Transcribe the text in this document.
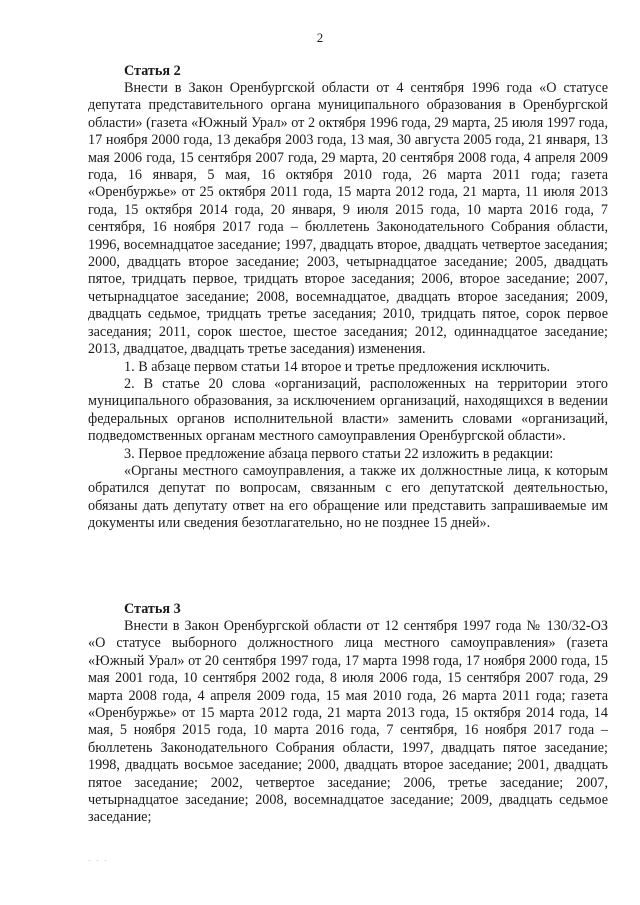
2
Статья 2

Внести в Закон Оренбургской области от 4 сентября 1996 года «О статусе депутата представительного органа муниципального образования в Оренбургской области» (газета «Южный Урал» от 2 октября 1996 года, 29 марта, 25 июля 1997 года, 17 ноября 2000 года, 13 декабря 2003 года, 13 мая, 30 августа 2005 года, 21 января, 13 мая 2006 года, 15 сентября 2007 года, 29 марта, 20 сентября 2008 года, 4 апреля 2009 года, 16 января, 5 мая, 16 октября 2010 года, 26 марта 2011 года; газета «Оренбуржье» от 25 октября 2011 года, 15 марта 2012 года, 21 марта, 11 июля 2013 года, 15 октября 2014 года, 20 января, 9 июля 2015 года, 10 марта 2016 года, 7 сентября, 16 ноября 2017 года – бюллетень Законодательного Собрания области, 1996, восемнадцатое заседание; 1997, двадцать второе, двадцать четвертое заседания; 2000, двадцать второе заседание; 2003, четырнадцатое заседание; 2005, двадцать пятое, тридцать первое, тридцать второе заседания; 2006, второе заседание; 2007, четырнадцатое заседание; 2008, восемнадцатое, двадцать второе заседания; 2009, двадцать седьмое, тридцать третье заседания; 2010, тридцать пятое, сорок первое заседания; 2011, сорок шестое, шестое заседания; 2012, одиннадцатое заседание; 2013, двадцатое, двадцать третье заседания) изменения.

1. В абзаце первом статьи 14 второе и третье предложения исключить.

2. В статье 20 слова «организаций, расположенных на территории этого муниципального образования, за исключением организаций, находящихся в ведении федеральных органов исполнительной власти» заменить словами «организаций, подведомственных органам местного самоуправления Оренбургской области».

3. Первое предложение абзаца первого статьи 22 изложить в редакции:

«Органы местного самоуправления, а также их должностные лица, к которым обратился депутат по вопросам, связанным с его депутатской деятельностью, обязаны дать депутату ответ на его обращение или представить запрашиваемые им документы или сведения безотлагательно, но не позднее 15 дней».

Статья 3

Внести в Закон Оренбургской области от 12 сентября 1997 года № 130/32-ОЗ «О статусе выборного должностного лица местного самоуправления» (газета «Южный Урал» от 20 сентября 1997 года, 17 марта 1998 года, 17 ноября 2000 года, 15 мая 2001 года, 10 сентября 2002 года, 8 июля 2006 года, 15 сентября 2007 года, 29 марта 2008 года, 4 апреля 2009 года, 15 мая 2010 года, 26 марта 2011 года; газета «Оренбуржье» от 15 марта 2012 года, 21 марта 2013 года, 15 октября 2014 года, 14 мая, 5 ноября 2015 года, 10 марта 2016 года, 7 сентября, 16 ноября 2017 года – бюллетень Законодательного Собрания области, 1997, двадцать пятое заседание; 1998, двадцать восьмое заседание; 2000, двадцать второе заседание; 2001, двадцать пятое заседание; 2002, четвертое заседание; 2006, третье заседание; 2007, четырнадцатое заседание; 2008, восемнадцатое заседание; 2009, двадцать седьмое заседание;

· · ·
